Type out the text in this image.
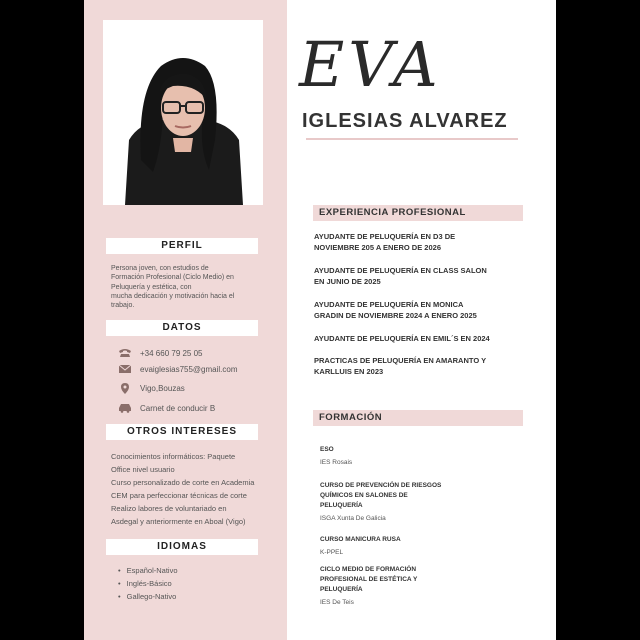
PERFIL
Persona joven, con estudios de
Formación Profesional (Ciclo Medio) en
Peluquería y estética, con
mucha dedicación y motivación hacia el
trabajo.
DATOS
+34 660 79 25 05
evaiglesias755@gmail.com
Vigo,Bouzas
Carnet de conducir B
OTROS INTERESES
Conocimientos informáticos: Paquete
Office nivel usuario
Curso personalizado de corte en Academia
CEM para perfeccionar técnicas de corte
Realizo labores de voluntariado en
Asdegal y anteriormente en Aboal (Vigo)
IDIOMAS
• Español-Nativo
• Inglés-Básico
• Gallego-Nativo
EVA
IGLESIAS ALVAREZ
EXPERIENCIA PROFESIONAL
AYUDANTE DE PELUQUERÍA EN D3 DE
NOVIEMBRE 205 A ENERO DE 2026
AYUDANTE DE PELUQUERÍA EN CLASS SALON
EN JUNIO DE 2025
AYUDANTE DE PELUQUERÍA EN MONICA
GRADIN DE NOVIEMBRE 2024 A ENERO 2025
AYUDANTE DE PELUQUERÍA EN EMIL´S EN 2024
PRACTICAS DE PELUQUERÍA EN AMARANTO Y
KARLLUIS EN 2023
FORMACIÓN
ESO
IES Rosais
CURSO DE PREVENCIÓN DE RIESGOS
QUÍMICOS EN SALONES DE
PELUQUERÍA
ISGA Xunta De Galicia
CURSO MANICURA RUSA
K-PPEL
CICLO MEDIO DE FORMACIÓN
PROFESIONAL DE ESTÉTICA Y
PELUQUERÍA
IES De Teis
